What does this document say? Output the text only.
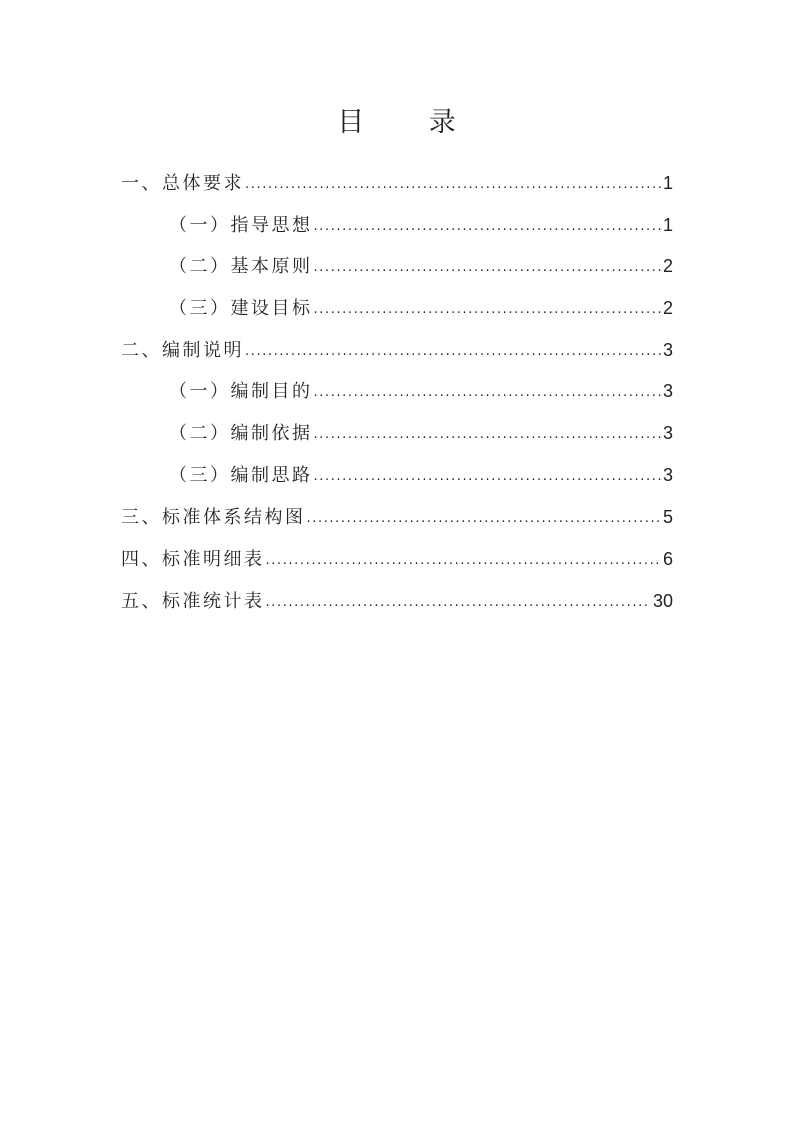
目 录
一、总体要求 .....	1
（一）指导思想 .....	1
（二）基本原则 .....	2
（三）建设目标 .....	2
二、编制说明 .....	3
（一）编制目的 .....	3
（二）编制依据 .....	3
（三）编制思路 .....	3
三、标准体系结构图 .....	5
四、标准明细表 .....	6
五、标准统计表 .....	30
